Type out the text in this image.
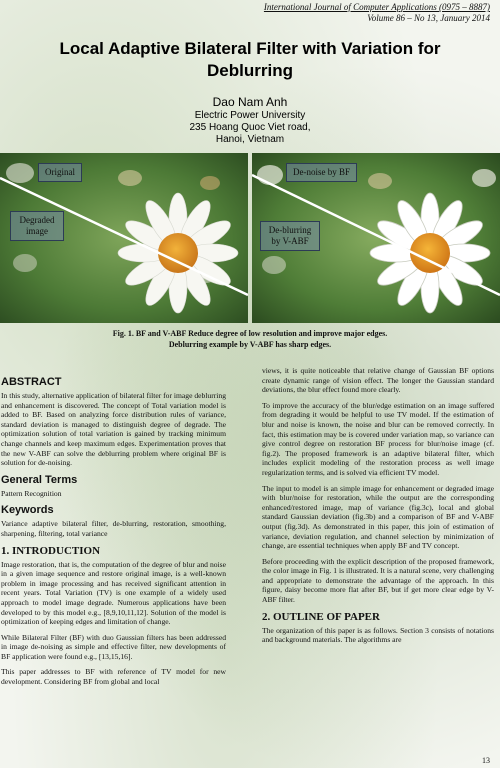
International Journal of Computer Applications (0975 – 8887)
Volume 86 – No 13, January 2014
Local Adaptive Bilateral Filter with Variation for Deblurring
Dao Nam Anh
Electric Power University
235 Hoang Quoc Viet road,
Hanoi, Vietnam
Original
Degraded image
De-noise by BF
De-blurring by V-ABF
Fig. 1. BF and V-ABF Reduce degree of low resolution and improve major edges.
Deblurring example by V-ABF has sharp edges.
ABSTRACT

In this study, alternative application of bilateral filter for image deblurring and enhancement is discovered. The concept of Total variation model is added to BF. Based on analyzing force distribution rules of variance, standard deviation is managed to distinguish degree of degrade. The optimization solution of total variation is gained by tracking minimum change channels and keep maximum edges. Experimentation proves that the new V-ABF can solve the deblurring problem where original BF is solution for de-noising.

General Terms

Pattern Recognition

Keywords

Variance adaptive bilateral filter, de-blurring, restoration, smoothing, sharpening, filtering, total variance

1. INTRODUCTION

Image restoration, that is, the computation of the degree of blur and noise in a given image sequence and restore original image, is a well-known problem in image processing and has received significant attention in recent years. Total Variation (TV) is one example of a widely used approach to model image degrade. Numerous applications have been developed to by this model e.g., [8,9,10,11,12]. Solution of the model is optimization of keeping edges and limitation of change.

While Bilateral Filter (BF) with duo Gaussian filters has been addressed in image de-noising as simple and effective filter, new developments of BF application were found e.g., [13,15,16].

This paper addresses to BF with reference of TV model for new development. Considering BF from global and local

views, it is quite noticeable that relative change of Gaussian BF options create dynamic range of vision effect. The longer the Gaussian standard deviations, the blur effect found more clearly.

To improve the accuracy of the blur/edge estimation on an image suffered from degrading it would be helpful to use TV model. If the estimation of blur and noise is known, the noise and blur can be removed correctly. In fact, this estimation may be is covered under variation map, so variance can give control degree on restoration BF process for blur/noise image (cf. fig.2). The proposed framework is an adaptive bilateral filter, which includes explicit modeling of the restoration process as well image regularization terms, and is solved via efficient TV model.

The input to model is an simple image for enhancement or degraded image with blur/noise for restoration, while the output are the corresponding enhanced/restored image, map of variance (fig.3c), local and global standard Gaussian deviation (fig.3b) and a comparison of BF and V-ABF output (fig.3d). As demonstrated in this paper, this join of estimation of variance, deviation regulation, and channel selection by minimization of change, are essential techniques when apply BF and TV concept.

Before proceeding with the explicit description of the proposed framework, the color image in Fig. 1 is illustrated. It is a natural scene, very challenging and appropriate to demonstrate the advantage of the approach. In this figure, daisy become more flat after BF, but if get more clear edge by V-ABF filter.

2. OUTLINE OF PAPER

The organization of this paper is as follows. Section 3 consists of notations and background materials. The algorithms are

13
